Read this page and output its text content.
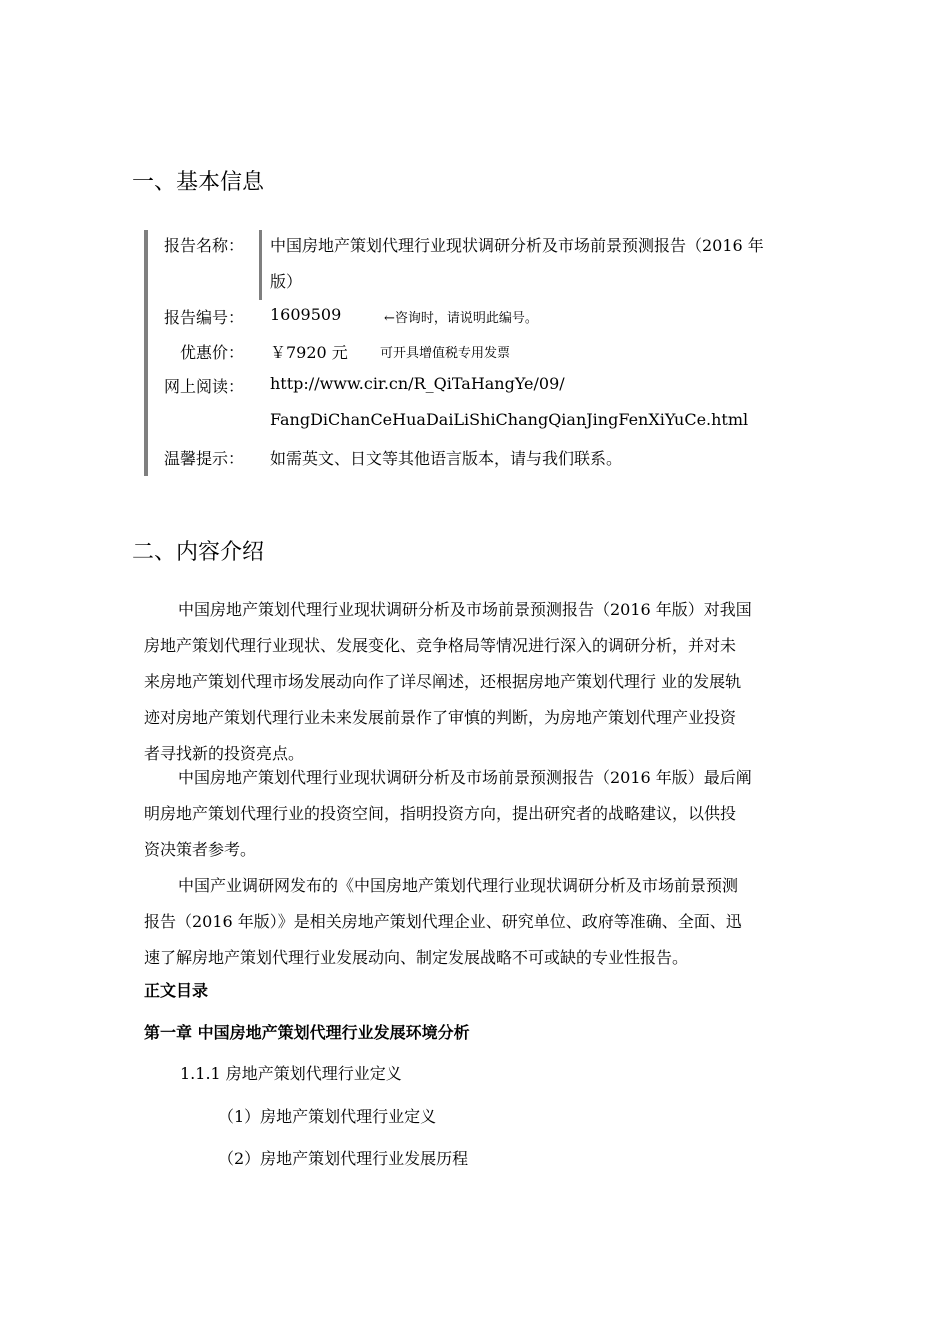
一、基本信息
报告名称： 中国房地产策划代理行业现状调研分析及市场前景预测报告（2016 年
版）
报告编号： 1609509	←咨询时，请说明此编号。
优惠价： ￥7920 元 可开具增值税专用发票
网上阅读： http://www.cir.cn/R_QiTaHangYe/09/
FangDiChanCeHuaDaiLiShiChangQianJingFenXiYuCe.html
温馨提示： 如需英文、日文等其他语言版本，请与我们联系。
二、内容介绍
中国房地产策划代理行业现状调研分析及市场前景预测报告（2016 年版）对我国
房地产策划代理行业现状、发展变化、竞争格局等情况进行深入的调研分析，并对未
来房地产策划代理市场发展动向作了详尽阐述，还根据房地产策划代理行 业的发展轨
迹对房地产策划代理行业未来发展前景作了审慎的判断，为房地产策划代理产业投资
者寻找新的投资亮点。
中国房地产策划代理行业现状调研分析及市场前景预测报告（2016 年版）最后阐
明房地产策划代理行业的投资空间，指明投资方向，提出研究者的战略建议，以供投
资决策者参考。
中国产业调研网发布的《中国房地产策划代理行业现状调研分析及市场前景预测
报告（2016 年版）》是相关房地产策划代理企业、研究单位、政府等准确、全面、迅
速了解房地产策划代理行业发展动向、制定发展战略不可或缺的专业性报告。
正文目录
第一章 中国房地产策划代理行业发展环境分析
1.1.1 房地产策划代理行业定义
（1）房地产策划代理行业定义
（2）房地产策划代理行业发展历程
